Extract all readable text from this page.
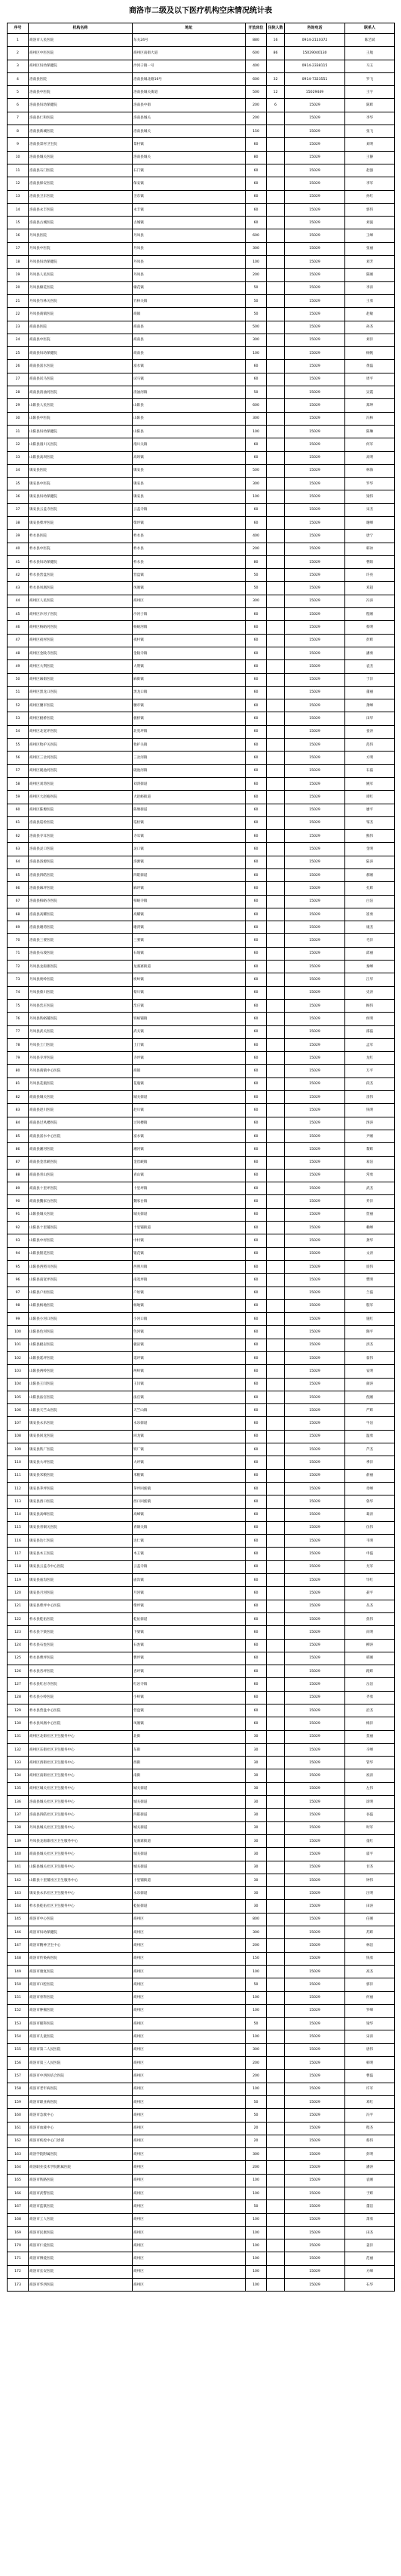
商洛市二级及以下医疗机构空床情况统计表
序号	机构名称	地址	开放床位	住院人数	咨询电话	联系人
1	商洛市人民医院	东关24号	880	16	0914-2110372	陈艺斌
2	商州区中医医院	商州区南街大道	600	86	15029040130	王航
3	商州区妇幼保健院	沙河子镇一号	400		0914-2338115	马玉
4	洛南县医院	洛南县城北路16号	600	32	0914-7323551	罗飞
5	洛南县中医院	洛南县城关街道	500	12	15029449	王宇
6	洛南县妇幼保健院	洛南县中街	200	6	15029	陈辉
7	洛南县仁和医院	洛南县城关	200		15029	李华
8	洛南县新城医院	洛南县城关	150		15029	张飞
9	洛南县景村卫生院	景村镇	60		15029	刘明
10	洛南县城关医院	洛南县城关	80		15029	王静
11	洛南县石门医院	石门镇	60		15029	赵强
12	洛南县保安医院	保安镇	60		15029	李军
13	洛南县卫东医院	卫东镇	60		15029	孙红
14	洛南县永丰医院	永丰镇	60		15029	郭伟
15	洛南县古城医院	古城镇	60		15029	刘波
16	丹凤县医院	丹凤县	600		15029	王峰
17	丹凤县中医院	丹凤县	300		15029	张丽
18	丹凤县妇幼保健院	丹凤县	100		15029	刘芳
19	丹凤县人民医院	丹凤县	200		15029	陈刚
20	丹凤县棣花医院	棣花镇	50		15029	李涛
21	丹凤县竹林关医院	竹林关镇	50		15029	王勇
22	丹凤县商镇医院	商镇	50		15029	赵敏
23	商南县医院	商南县	500		15029	孙杰
24	商南县中医院	商南县	300		15029	刘洋
25	商南县妇幼保健院	商南县	100		15029	杨帆
26	商南县富水医院	富水镇	60		15029	黄磊
27	商南县试马医院	试马镇	60		15029	周平
28	商南县清油河医院	清油河镇	50		15029	吴霞
29	山阳县人民医院	山阳县	600		15029	郑坤
30	山阳县中医院	山阳县	300		15029	冯林
31	山阳县妇幼保健院	山阳县	100		15029	陈琳
32	山阳县漫川关医院	漫川关镇	60		15029	何军
33	山阳县高坝医院	高坝镇	60		15029	高明
34	镇安县医院	镇安县	500		15029	林海
35	镇安县中医院	镇安县	300		15029	罗华
36	镇安县妇幼保健院	镇安县	100		15029	梁伟
37	镇安县云盖寺医院	云盖寺镇	60		15029	宋杰
38	镇安县柴坪医院	柴坪镇	60		15029	谢峰
39	柞水县医院	柞水县	400		15029	唐宁
40	柞水县中医院	柞水县	200		15029	韩冰
41	柞水县妇幼保健院	柞水县	80		15029	曹阳
42	柞水县营盘医院	营盘镇	50		15029	许亮
43	柞水县凤凰医院	凤凰镇	50		15029	邓超
44	商州区人民医院	商州区	300		15029	冯涛
45	商州区沙河子医院	沙河子镇	60		15029	程刚
46	商州区杨峪河医院	杨峪河镇	60		15029	蔡明
47	商州区夜村医院	夜村镇	60		15029	彭辉
48	商州区金陵寺医院	金陵寺镇	60		15029	潘勇
49	商州区大荆医院	大荆镇	60		15029	袁杰
50	商州区麻街医院	麻街镇	60		15029	于洋
51	商州区黑龙口医院	黑龙口镇	60		15029	董丽
52	商州区腰市医院	腰市镇	60		15029	萧峰
53	商州区板桥医院	板桥镇	60		15029	田华
54	商州区北宽坪医院	北宽坪镇	60		15029	姜涛
55	商州区牧护关医院	牧护关镇	60		15029	范伟
56	商州区三岔河医院	三岔河镇	60		15029	方明
57	商州区砚池河医院	砚池河镇	60		15029	石磊
58	商州区刘湾医院	刘湾街道	60		15029	姚军
59	商州区大赵峪医院	大赵峪街道	60		15029	谭红
60	商州区陈塬医院	陈塬街道	60		15029	廖平
61	洛南县巡检医院	巡检镇	60		15029	邹杰
62	洛南县寺耳医院	寺耳镇	60		15029	熊伟
63	洛南县灵口医院	灵口镇	60		15029	金明
64	洛南县洛源医院	洛源镇	60		15029	陆涛
65	洛南县四皓医院	四皓街道	60		15029	郝刚
66	洛南县麻坪医院	麻坪镇	60		15029	孔辉
67	洛南县柏峪寺医院	柏峪寺镇	60		15029	白洁
68	洛南县高耀医院	高耀镇	60		15029	崔勇
69	洛南县谢湾医院	谢湾镇	60		15029	康杰
70	洛南县三要医院	三要镇	60		15029	毛洋
71	洛南县石坡医院	石坡镇	60		15029	邱丽
72	丹凤县龙驹寨医院	龙驹寨街道	60		15029	秦峰
73	丹凤县庾岭医院	庾岭镇	60		15029	江华
74	丹凤县蔡川医院	蔡川镇	60		15029	史涛
75	丹凤县峦庄医院	峦庄镇	60		15029	顾伟
76	丹凤县铁峪铺医院	铁峪铺镇	60		15029	侯明
77	丹凤县武关医院	武关镇	60		15029	邵磊
78	丹凤县土门医院	土门镇	60		15029	孟军
79	丹凤县寺坪医院	寺坪镇	60		15029	龙红
80	丹凤县商镇中心医院	商镇	60		15029	万平
81	丹凤县花瓶医院	花瓶镇	60		15029	段杰
82	商南县城关医院	城关街道	60		15029	雷伟
83	商南县赵川医院	赵川镇	60		15029	钱明
84	商南县过风楼医院	过风楼镇	60		15029	汤涛
85	商南县富水中心医院	富水镇	60		15029	尹刚
86	商南县湘河医院	湘河镇	60		15029	黎辉
87	商南县金丝峡医院	金丝峡镇	60		15029	易洁
88	商南县青山医院	青山镇	60		15029	常勇
89	商南县十里坪医院	十里坪镇	60		15029	武杰
90	商南县魏家台医院	魏家台镇	60		15029	乔洋
91	山阳县城关医院	城关街道	60		15029	贺丽
92	山阳县十里铺医院	十里铺街道	60		15029	赖峰
93	山阳县中村医院	中村镇	60		15029	龚华
94	山阳县银花医院	银花镇	60		15029	文涛
95	山阳县西照川医院	西照川镇	60		15029	庞伟
96	山阳县南宽坪医院	南宽坪镇	60		15029	樊明
97	山阳县户垣医院	户垣镇	60		15029	兰磊
98	山阳县杨地医院	杨地镇	60		15029	殷军
99	山阳县小河口医院	小河口镇	60		15029	施红
100	山阳县色河医院	色河镇	60		15029	陶平
101	山阳县板岩医院	板岩镇	60		15029	洪杰
102	山阳县延坪医院	延坪镇	60		15029	翟伟
103	山阳县两岭医院	两岭镇	60		15029	安明
104	山阳县王闫医院	王闫镇	60		15029	颜涛
105	山阳县法官医院	法官镇	60		15029	倪刚
106	山阳县天竺山医院	天竺山镇	60		15029	严辉
107	镇安县永乐医院	永乐街道	60		15029	牛洁
108	镇安县回龙医院	回龙镇	60		15029	温勇
109	镇安县铁厂医院	铁厂镇	60		15029	芦杰
110	镇安县大坪医院	大坪镇	60		15029	季洋
111	镇安县米粮医院	米粮镇	60		15029	俞丽
112	镇安县茅坪医院	茅坪回族镇	60		15029	章峰
113	镇安县西口医院	西口回族镇	60		15029	鲁华
114	镇安县高峰医院	高峰镇	60		15029	葛涛
115	镇安县青铜关医院	青铜关镇	60		15029	伍伟
116	镇安县达仁医院	达仁镇	60		15029	韦明
117	镇安县木王医院	木王镇	60		15029	申磊
118	镇安县云盖寺中心医院	云盖寺镇	60		15029	尤军
119	镇安县庙沟医院	庙沟镇	60		15029	毕红
120	镇安县月河医院	月河镇	60		15029	聂平
121	镇安县柴坪中心医院	柴坪镇	60		15029	丛杰
122	柞水县乾佑医院	乾佑街道	60		15029	焦伟
123	柞水县下梁医院	下梁镇	60		15029	向明
124	柞水县石瓮医院	石瓮镇	60		15029	柳涛
125	柞水县曹坪医院	曹坪镇	60		15029	邢刚
126	柞水县杏坪医院	杏坪镇	60		15029	路辉
127	柞水县红岩寺医院	红岩寺镇	60		15029	岳洁
128	柞水县小岭医院	小岭镇	60		15029	齐勇
129	柞水县营盘中心医院	营盘镇	60		15029	沿杰
130	柞水县凤凰中心医院	凤凰镇	60		15029	梅洋
131	商州区北街社区卫生服务中心	北街	30		15029	莫丽
132	商州区东街社区卫生服务中心	东街	30		15029	辛峰
133	商州区西街社区卫生服务中心	西街	30		15029	管华
134	商州区南街社区卫生服务中心	南街	30		15029	祝涛
135	商州区城关社区卫生服务中心	城关街道	30		15029	左伟
136	洛南县城关社区卫生服务中心	城关街道	30		15029	涂明
137	洛南县四皓社区卫生服务中心	四皓街道	30		15029	谷磊
138	丹凤县城关社区卫生服务中心	城关街道	30		15029	时军
139	丹凤县龙驹寨社区卫生服务中心	龙驹寨街道	30		15029	童红
140	商南县城关社区卫生服务中心	城关街道	30		15029	霍平
141	山阳县城关社区卫生服务中心	城关街道	30		15029	甘杰
142	山阳县十里铺社区卫生服务中心	十里铺街道	30		15029	钟伟
143	镇安县永乐社区卫生服务中心	永乐街道	30		15029	汪明
144	柞水县乾佑社区卫生服务中心	乾佑街道	30		15029	田涛
145	商洛市中心医院	商州区	800		15029	任刚
146	商洛市妇幼保健院	商州区	300		15029	苏辉
147	商洛市精神卫生中心	商州区	200		15029	林洁
148	商洛市传染病医院	商州区	150		15029	钱勇
149	商洛市康复医院	商州区	100		15029	高杰
150	商洛市口腔医院	商州区	50		15029	郭洋
151	商洛市骨科医院	商州区	100		15029	何丽
152	商洛市肿瘤医院	商州区	100		15029	罗峰
153	商洛市眼科医院	商州区	50		15029	梁华
154	商洛市儿童医院	商州区	100		15029	宋涛
155	商洛市第二人民医院	商州区	300		15029	唐伟
156	商洛市第三人民医院	商州区	200		15029	韩明
157	商洛市中西医结合医院	商州区	200		15029	曹磊
158	商洛市老年病医院	商州区	100		15029	许军
159	商洛市职业病医院	商州区	50		15029	邓红
160	商洛市急救中心	商州区	50		15029	冯平
161	商洛市血液中心	商州区	20		15029	程杰
162	商洛市疾控中心门诊部	商州区	20		15029	蔡伟
163	商洛学院附属医院	商州区	300		15029	彭明
164	商洛职业技术学院附属医院	商州区	200		15029	潘涛
165	商洛市铁路医院	商州区	100		15029	袁刚
166	商洛市武警医院	商州区	100		15029	于辉
167	商洛市监狱医院	商州区	50		15029	董洁
168	商洛市工人医院	商州区	100		15029	萧勇
169	商洛市民康医院	商州区	100		15029	田杰
170	商洛市仁爱医院	商州区	100		15029	姜洋
171	商洛市博爱医院	商州区	100		15029	范丽
172	商洛市长安医院	商州区	100		15029	方峰
173	商洛市华西医院	商州区	100		15029	石华
